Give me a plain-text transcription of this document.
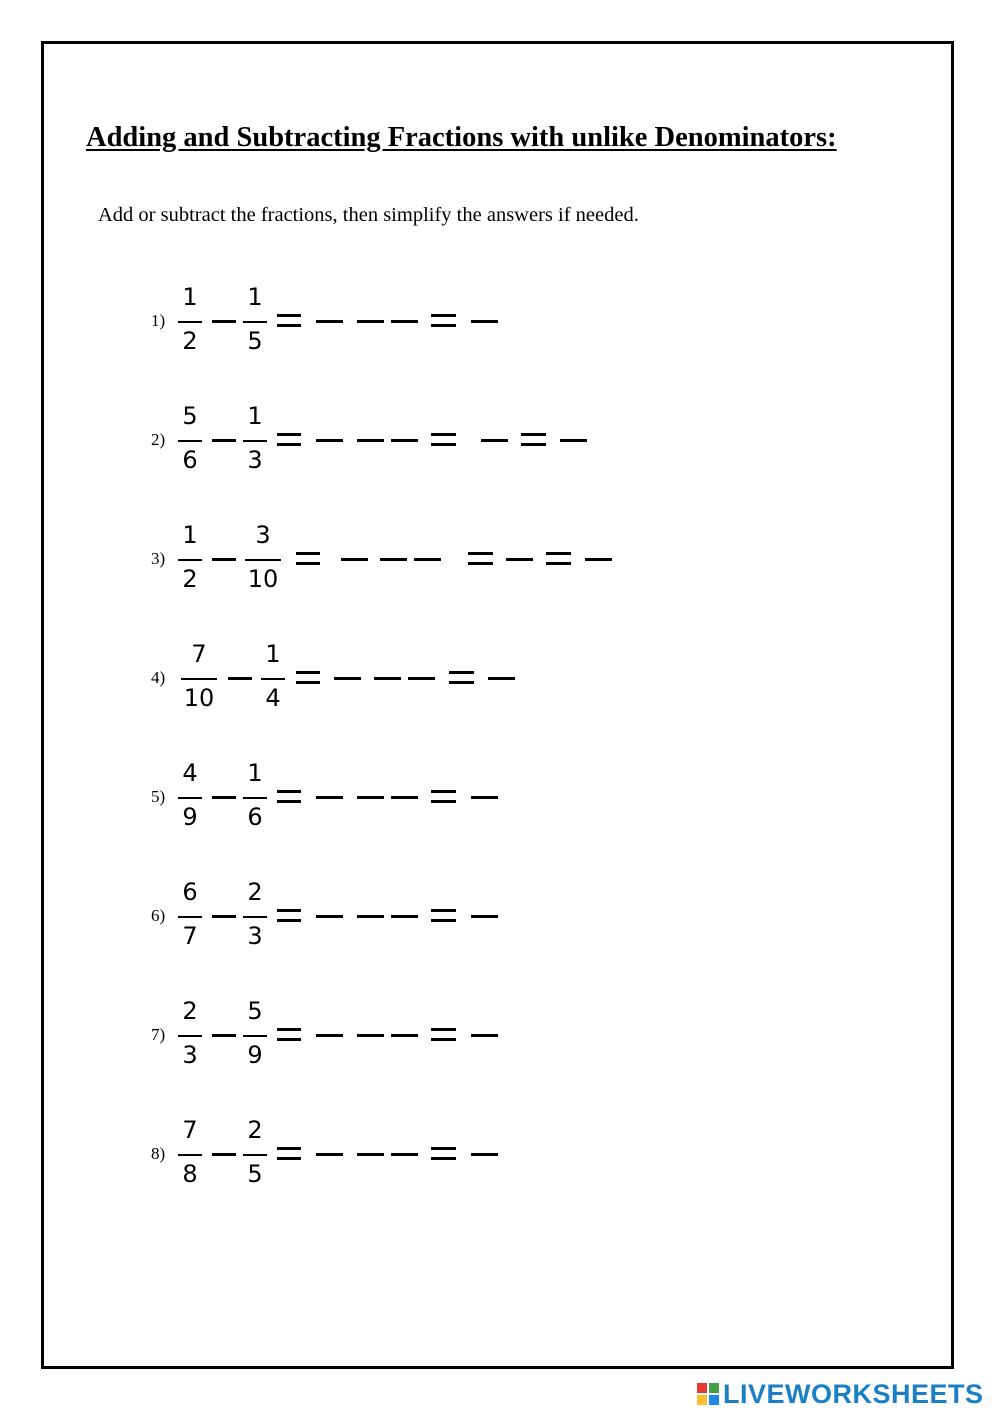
Adding and Subtracting Fractions with unlike Denominators:
Add or subtract the fractions, then simplify the answers if needed.
1)
1
2
1
5
2)
5
6
1
3
3)
1
2
3
10
4)
7
10
1
4
5)
4
9
1
6
6)
6
7
2
3
7)
2
3
5
9
8)
7
8
2
5
LIVEWORKSHEETS
